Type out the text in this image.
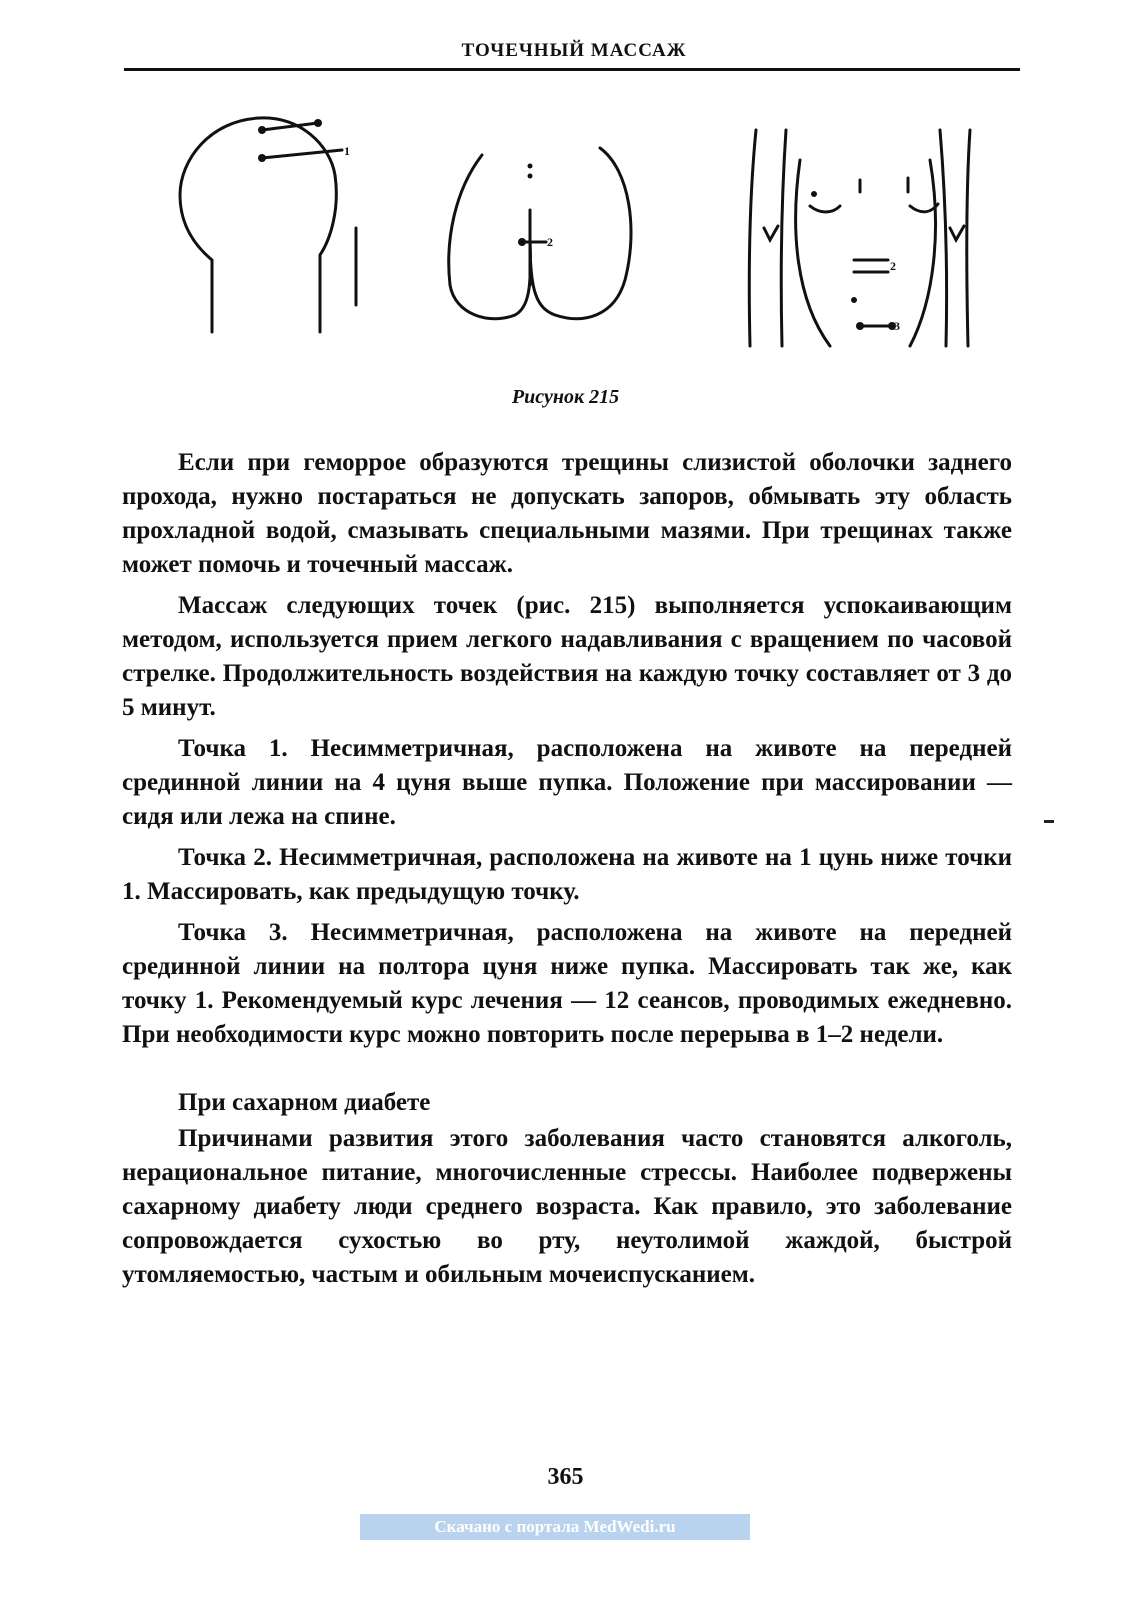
ТОЧЕЧНЫЙ МАССАЖ
1
2
2
3
Рисунок 215

Если при геморрое образуются трещины слизистой оболочки заднего прохода, нужно постараться не допускать запоров, обмывать эту область прохладной водой, смазывать специальными мазями. При трещинах также может помочь и точечный массаж.

Массаж следующих точек (рис. 215) выполняется успокаивающим методом, используется прием легкого надавливания с вращением по часовой стрелке. Продолжительность воздействия на каждую точку составляет от 3 до 5 минут.

Точка 1. Несимметричная, расположена на животе на передней срединной линии на 4 цуня выше пупка. Положение при массировании — сидя или лежа на спине.

Точка 2. Несимметричная, расположена на животе на 1 цунь ниже точки 1. Массировать, как предыдущую точку.

Точка 3. Несимметричная, расположена на животе на передней срединной линии на полтора цуня ниже пупка. Массировать так же, как точку 1. Рекомендуемый курс лечения — 12 сеансов, проводимых ежедневно. При необходимости курс можно повторить после перерыва в 1–2 недели.

При сахарном диабете

Причинами развития этого заболевания часто становятся алкоголь, нерациональное питание, многочисленные стрессы. Наиболее подвержены сахарному диабету люди среднего возраста. Как правило, это заболевание сопровождается сухостью во рту, неутолимой жаждой, быстрой утомляемостью, частым и обильным мочеиспусканием.

365
Скачано с портала MedWedi.ru
